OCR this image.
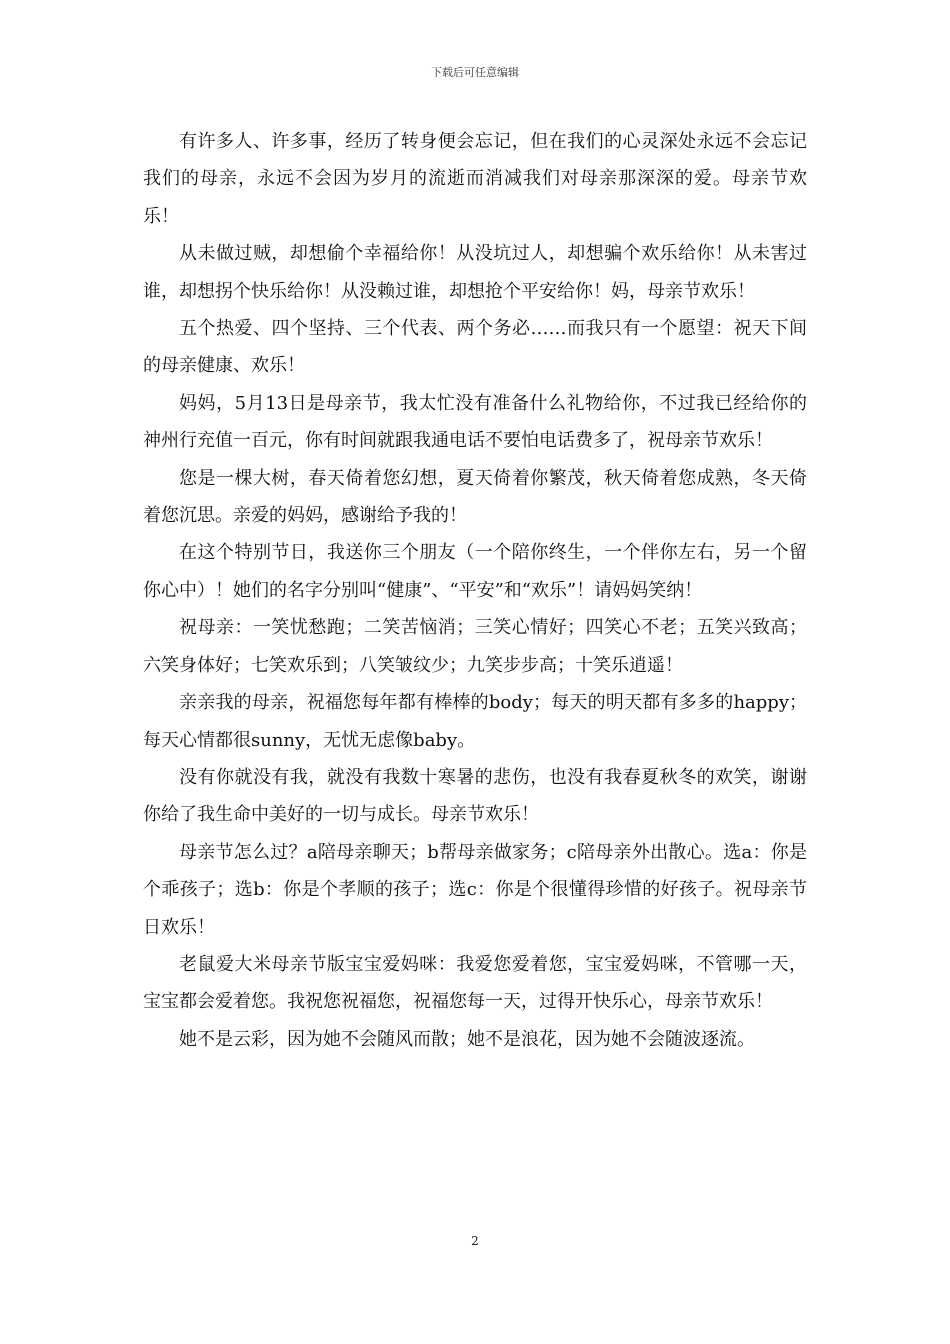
下载后可任意编辑

有许多人、许多事，经历了转身便会忘记，但在我们的心灵深处永远不会忘记我们的母亲，永远不会因为岁月的流逝而消减我们对母亲那深深的爱。母亲节欢乐！

从未做过贼，却想偷个幸福给你！从没坑过人，却想骗个欢乐给你！从未害过谁，却想拐个快乐给你！从没赖过谁，却想抢个平安给你！妈，母亲节欢乐！

五个热爱、四个坚持、三个代表、两个务必……而我只有一个愿望：祝天下间的母亲健康、欢乐！

妈妈，5月13日是母亲节，我太忙没有准备什么礼物给你，不过我已经给你的神州行充值一百元，你有时间就跟我通电话不要怕电话费多了，祝母亲节欢乐！

您是一棵大树，春天倚着您幻想，夏天倚着你繁茂，秋天倚着您成熟，冬天倚着您沉思。亲爱的妈妈，感谢给予我的！

在这个特别节日，我送你三个朋友（一个陪你终生，一个伴你左右，另一个留你心中）！她们的名字分别叫“健康”、“平安”和“欢乐”！请妈妈笑纳！

祝母亲：一笑忧愁跑；二笑苦恼消；三笑心情好；四笑心不老；五笑兴致高；六笑身体好；七笑欢乐到；八笑皱纹少；九笑步步高；十笑乐逍遥！

亲亲我的母亲，祝福您每年都有棒棒的body；每天的明天都有多多的happy；每天心情都很sunny，无忧无虑像baby。

没有你就没有我，就没有我数十寒暑的悲伤，也没有我春夏秋冬的欢笑，谢谢你给了我生命中美好的一切与成长。母亲节欢乐！

母亲节怎么过？a陪母亲聊天；b帮母亲做家务；c陪母亲外出散心。选a：你是个乖孩子；选b：你是个孝顺的孩子；选c：你是个很懂得珍惜的好孩子。祝母亲节日欢乐！

老鼠爱大米母亲节版宝宝爱妈咪：我爱您爱着您，宝宝爱妈咪，不管哪一天，宝宝都会爱着您。我祝您祝福您，祝福您每一天，过得开快乐心，母亲节欢乐！

她不是云彩，因为她不会随风而散；她不是浪花，因为她不会随波逐流。

2
